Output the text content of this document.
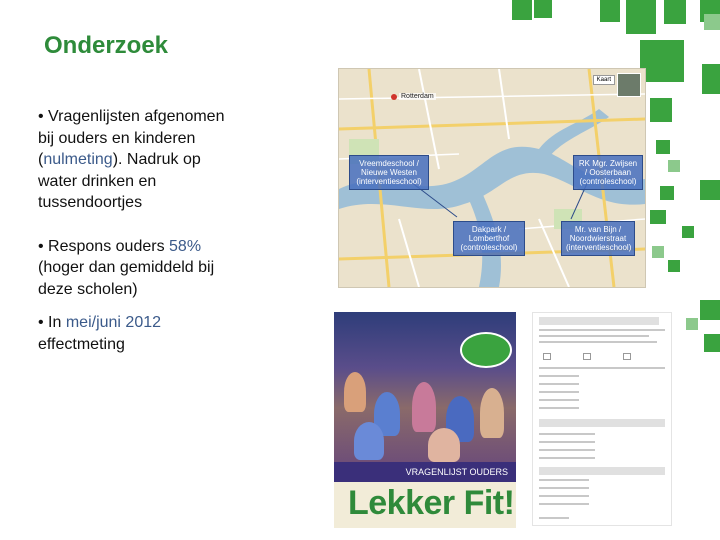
Onderzoek

• Vragenlijsten afgenomen bij ouders en kinderen (nulmeting). Nadruk op water drinken en tussendoortjes

• Respons ouders 58% (hoger dan gemiddeld bij deze scholen)

• In mei/juni 2012 effectmeting

Rotterdam
Kaart
Vreemdeschool / Nieuwe Westen (interventieschool)
RK Mgr. Zwijsen / Oosterbaan (controleschool)
Dakpark / Lomberthof (controleschool)
Mr. van Bijn / Noordwierstraat (interventieschool)
VRAGENLIJST OUDERS
Lekker Fit!
